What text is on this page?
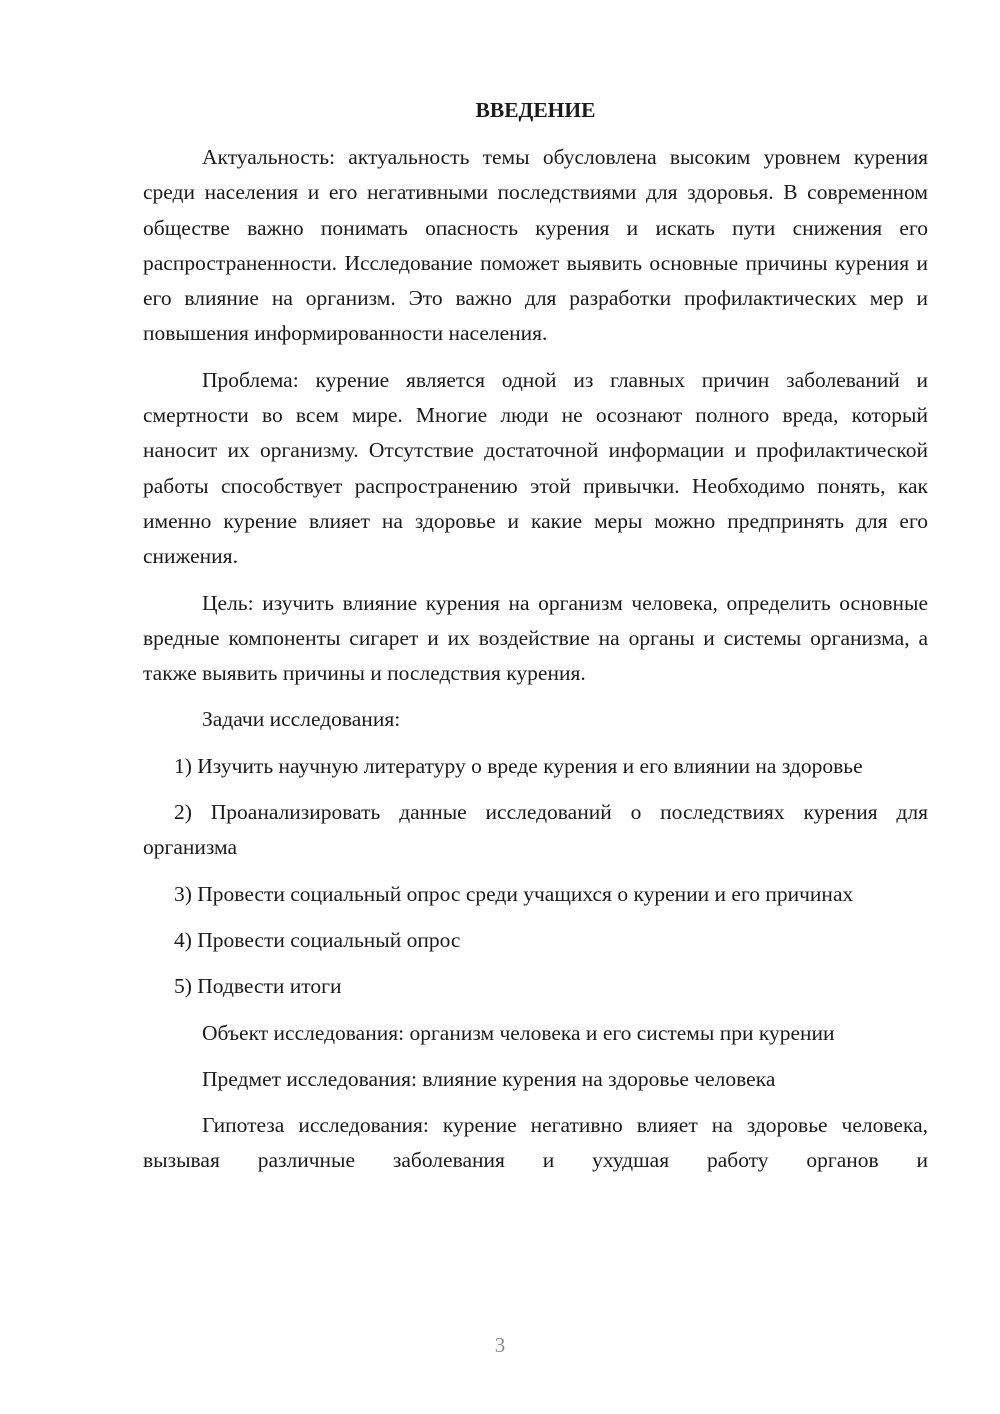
ВВЕДЕНИЕ

Актуальность: актуальность темы обусловлена высоким уровнем курения среди населения и его негативными последствиями для здоровья. В современном обществе важно понимать опасность курения и искать пути снижения его распространенности. Исследование поможет выявить основные причины курения и его влияние на организм. Это важно для разработки профилактических мер и повышения информированности населения.

Проблема: курение является одной из главных причин заболеваний и смертности во всем мире. Многие люди не осознают полного вреда, который наносит их организму. Отсутствие достаточной информации и профилактической работы способствует распространению этой привычки. Необходимо понять, как именно курение влияет на здоровье и какие меры можно предпринять для его снижения.

Цель: изучить влияние курения на организм человека, определить основные вредные компоненты сигарет и их воздействие на органы и системы организма, а также выявить причины и последствия курения.

Задачи исследования:

1) Изучить научную литературу о вреде курения и его влиянии на здоровье

2) Проанализировать данные исследований о последствиях курения для организма

3) Провести социальный опрос среди учащихся о курении и его причинах

4) Провести социальный опрос

5) Подвести итоги

Объект исследования: организм человека и его системы при курении

Предмет исследования: влияние курения на здоровье человека

Гипотеза исследования: курение негативно влияет на здоровье человека, вызывая различные заболевания и ухудшая работу органов и

3
